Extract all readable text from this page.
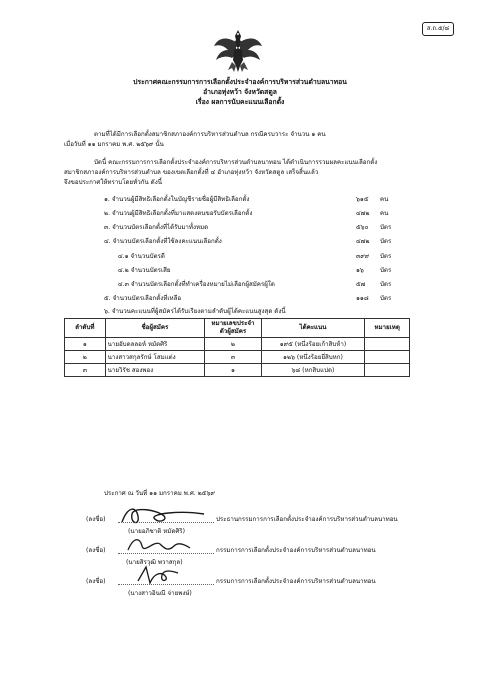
ส.ถ.๕/๘
ประกาศคณะกรรมการการเลือกตั้งประจำองค์การบริหารส่วนตำบลนาทอน
อำเภอทุ่งหว้า จังหวัดสตูล
เรื่อง ผลการนับคะแนนเลือกตั้ง
ตามที่ได้มีการเลือกตั้งสมาชิกสภาองค์การบริหารส่วนตำบล กรณีครบวาระ จำนวน ๑ คน
เมื่อวันที่ ๑๑ มกราคม พ.ศ. ๒๕๖๙ นั้น
บัดนี้ คณะกรรมการการเลือกตั้งประจำองค์การบริหารส่วนตำบลนาทอน ได้ดำเนินการรวมผลคะแนนเลือกตั้ง
สมาชิกสภาองค์การบริหารส่วนตำบล ของเขตเลือกตั้งที่ ๔ อำเภอทุ่งหว้า จังหวัดสตูล เสร็จสิ้นแล้ว
จึงขอประกาศให้ทราบโดยทั่วกัน ดังนี้
๑. จำนวนผู้มีสิทธิเลือกตั้งในบัญชีรายชื่อผู้มีสิทธิเลือกตั้ง	๖๑๕ คน
๒. จำนวนผู้มีสิทธิเลือกตั้งที่มาแสดงตนขอรับบัตรเลือกตั้ง	๔๗๒ คน
๓. จำนวนบัตรเลือกตั้งที่ได้รับมาทั้งหมด	๕๖๐ บัตร
๔. จำนวนบัตรเลือกตั้งที่ใช้ลงคะแนนเลือกตั้ง	๔๗๒ บัตร
๔.๑ จำนวนบัตรดี	๓๙๙ บัตร
๔.๒ จำนวนบัตรเสีย	๑๖	บัตร
๔.๓ จำนวนบัตรเลือกตั้งที่ทำเครื่องหมายไม่เลือกผู้สมัครผู้ใด	๕๗ บัตร
๕. จำนวนบัตรเลือกตั้งที่เหลือ	๑๑๘ บัตร
๖. จำนวนคะแนนที่ผู้สมัครได้รับเรียงตามลำดับผู้ได้คะแนนสูงสุด ดังนี้
ลำดับที่	ชื่อผู้สมัคร	หมายเลขประจำตัวผู้สมัคร	ได้คะแนน	หมายเหตุ
๑	นายอับดลลอห์ หมัดศิริ	๒	๑๙๕ (หนึ่งร้อยเก้าสิบห้า)	
๒	นางสาวสกุลรักษ์ โสมแต่ง	๓	๑๒๖ (หนึ่งร้อยยี่สิบหก)	
๓	นายวิรัช สองพอง	๑	๖๘ (หกสิบแปด)	
ประกาศ ณ วันที่ ๑๑ มกราคม พ.ศ. ๒๕๖๙
(ลงชื่อ)	ประธานกรรมการการเลือกตั้งประจำองค์การบริหารส่วนตำบลนาทอน
(นายอภิชาติ หมัดศิริ)
(ลงชื่อ)	กรรมการการเลือกตั้งประจำองค์การบริหารส่วนตำบลนาทอน
(นายสิรวุฒิ พวาสกุล)
(ลงชื่อ)	กรรมการการเลือกตั้งประจำองค์การบริหารส่วนตำบลนาทอน
(นางสาวอินณี จ่ายพงษ์)
